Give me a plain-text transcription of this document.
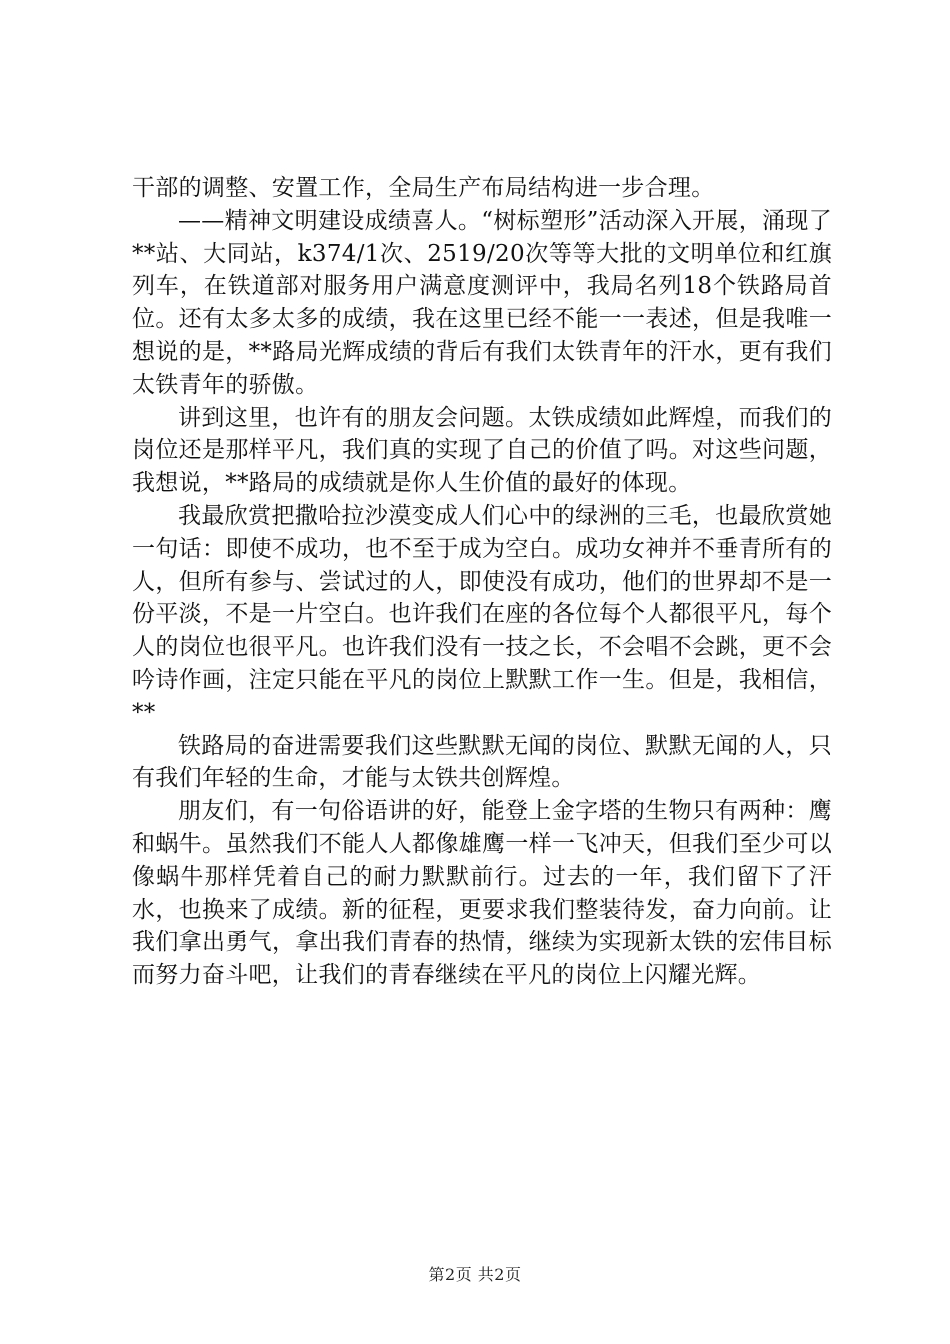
干部的调整、安置工作，全局生产布局结构进一步合理。

——精神文明建设成绩喜人。“树标塑形”活动深入开展，涌现了**站、大同站，k374/1次、2519/20次等等大批的文明单位和红旗列车，在铁道部对服务用户满意度测评中，我局名列18个铁路局首位。还有太多太多的成绩，我在这里已经不能一一表述，但是我唯一想说的是，**路局光辉成绩的背后有我们太铁青年的汗水，更有我们太铁青年的骄傲。

讲到这里，也许有的朋友会问题。太铁成绩如此辉煌，而我们的岗位还是那样平凡，我们真的实现了自己的价值了吗。对这些问题，我想说，**路局的成绩就是你人生价值的最好的体现。

我最欣赏把撒哈拉沙漠变成人们心中的绿洲的三毛，也最欣赏她一句话：即使不成功，也不至于成为空白。成功女神并不垂青所有的人，但所有参与、尝试过的人，即使没有成功，他们的世界却不是一份平淡，不是一片空白。也许我们在座的各位每个人都很平凡，每个人的岗位也很平凡。也许我们没有一技之长，不会唱不会跳，更不会吟诗作画，注定只能在平凡的岗位上默默工作一生。但是，我相信，**

铁路局的奋进需要我们这些默默无闻的岗位、默默无闻的人，只有我们年轻的生命，才能与太铁共创辉煌。

朋友们，有一句俗语讲的好，能登上金字塔的生物只有两种：鹰和蜗牛。虽然我们不能人人都像雄鹰一样一飞冲天，但我们至少可以像蜗牛那样凭着自己的耐力默默前行。过去的一年，我们留下了汗水，也换来了成绩。新的征程，更要求我们整装待发，奋力向前。让我们拿出勇气，拿出我们青春的热情，继续为实现新太铁的宏伟目标而努力奋斗吧，让我们的青春继续在平凡的岗位上闪耀光辉。

第2页 共2页
